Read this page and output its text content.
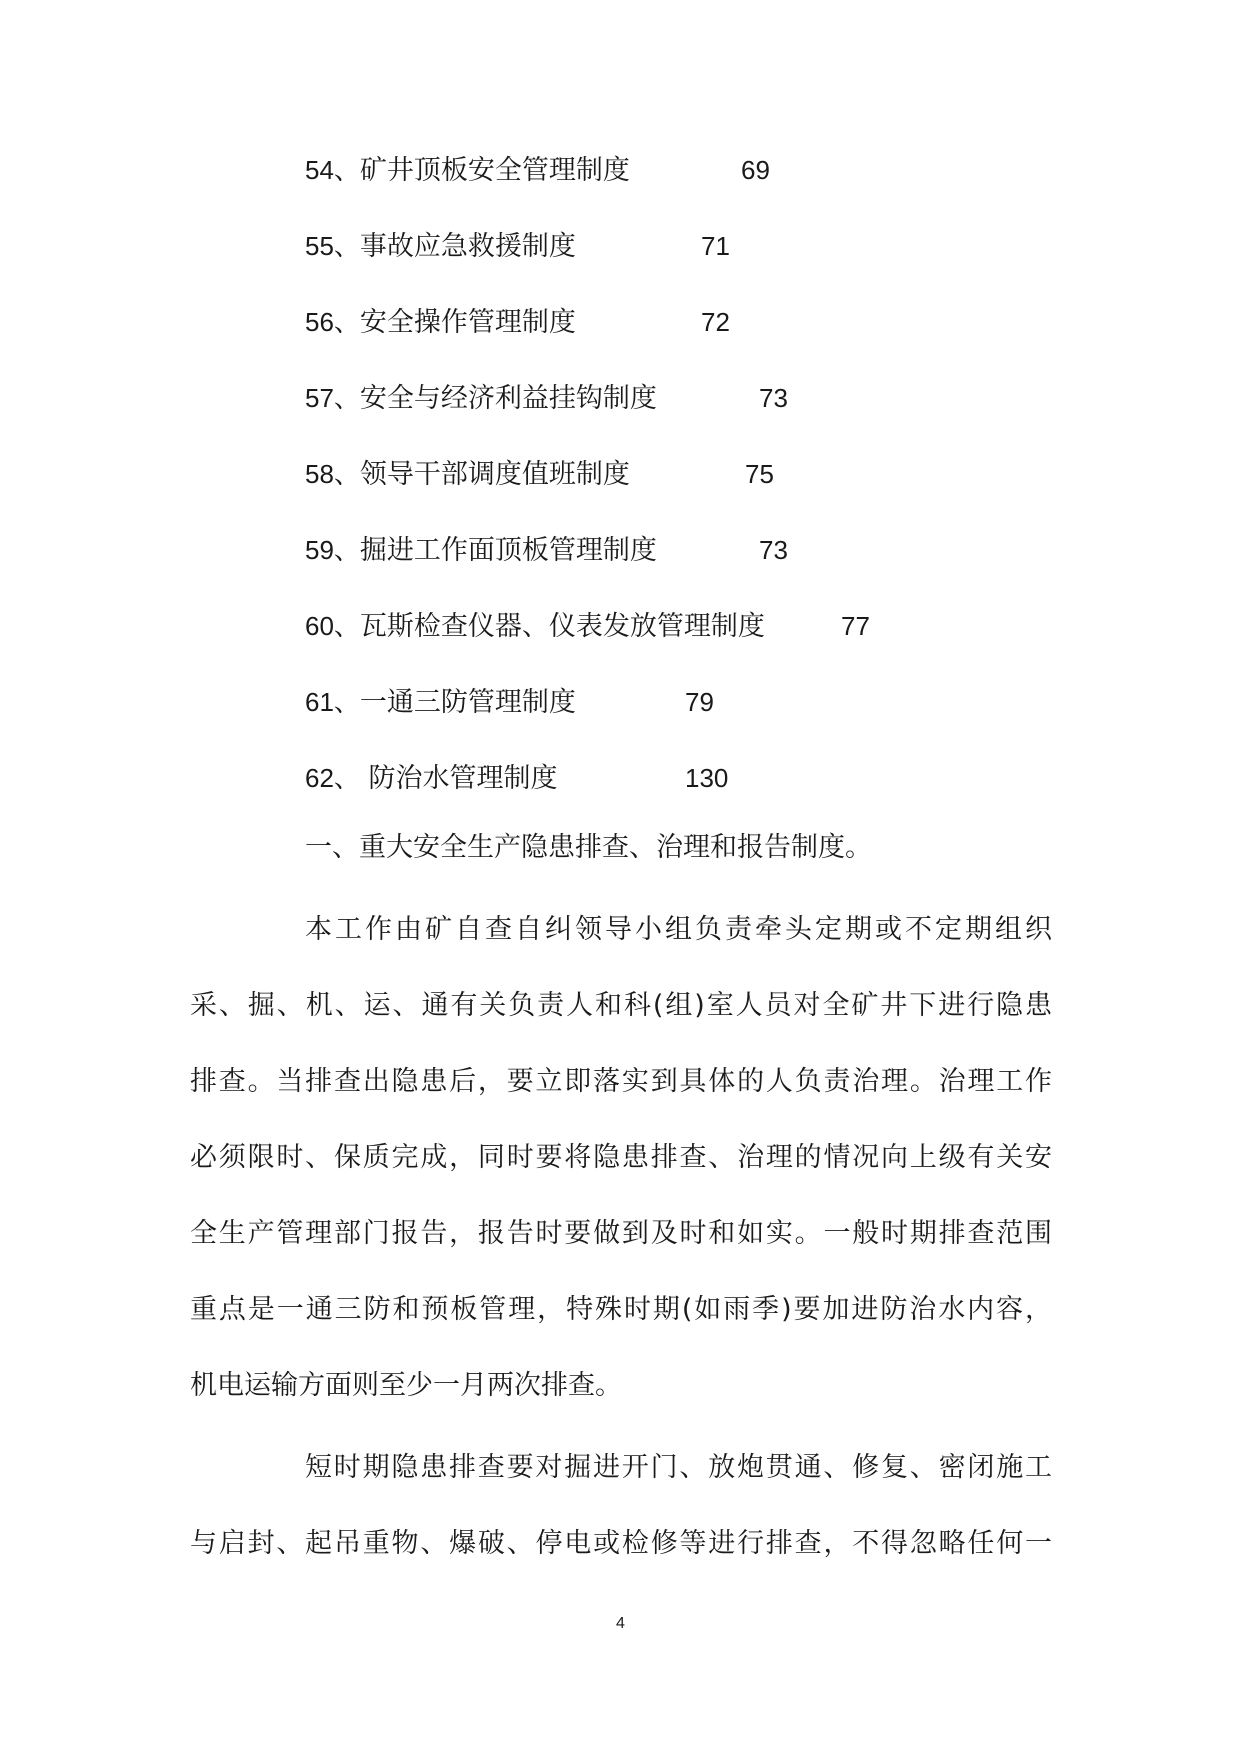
54、矿井顶板安全管理制度	69
55、事故应急救援制度	71
56、安全操作管理制度	72
57、安全与经济利益挂钩制度	73
58、领导干部调度值班制度	75
59、掘进工作面顶板管理制度	73
60、瓦斯检查仪器、仪表发放管理制度	77
61、一通三防管理制度	79
62、 防治水管理制度	130
一、重大安全生产隐患排查、治理和报告制度。
本工作由矿自查自纠领导小组负责牵头定期或不定期组织
采、掘、机、运、通有关负责人和科(组)室人员对全矿井下进行隐患
排查。当排查出隐患后，要立即落实到具体的人负责治理。治理工作
必须限时、保质完成，同时要将隐患排查、治理的情况向上级有关安
全生产管理部门报告，报告时要做到及时和如实。一般时期排查范围
重点是一通三防和预板管理，特殊时期(如雨季)要加进防治水内容，
机电运输方面则至少一月两次排查。
短时期隐患排查要对掘进开门、放炮贯通、修复、密闭施工
与启封、起吊重物、爆破、停电或检修等进行排查，不得忽略任何一
4
